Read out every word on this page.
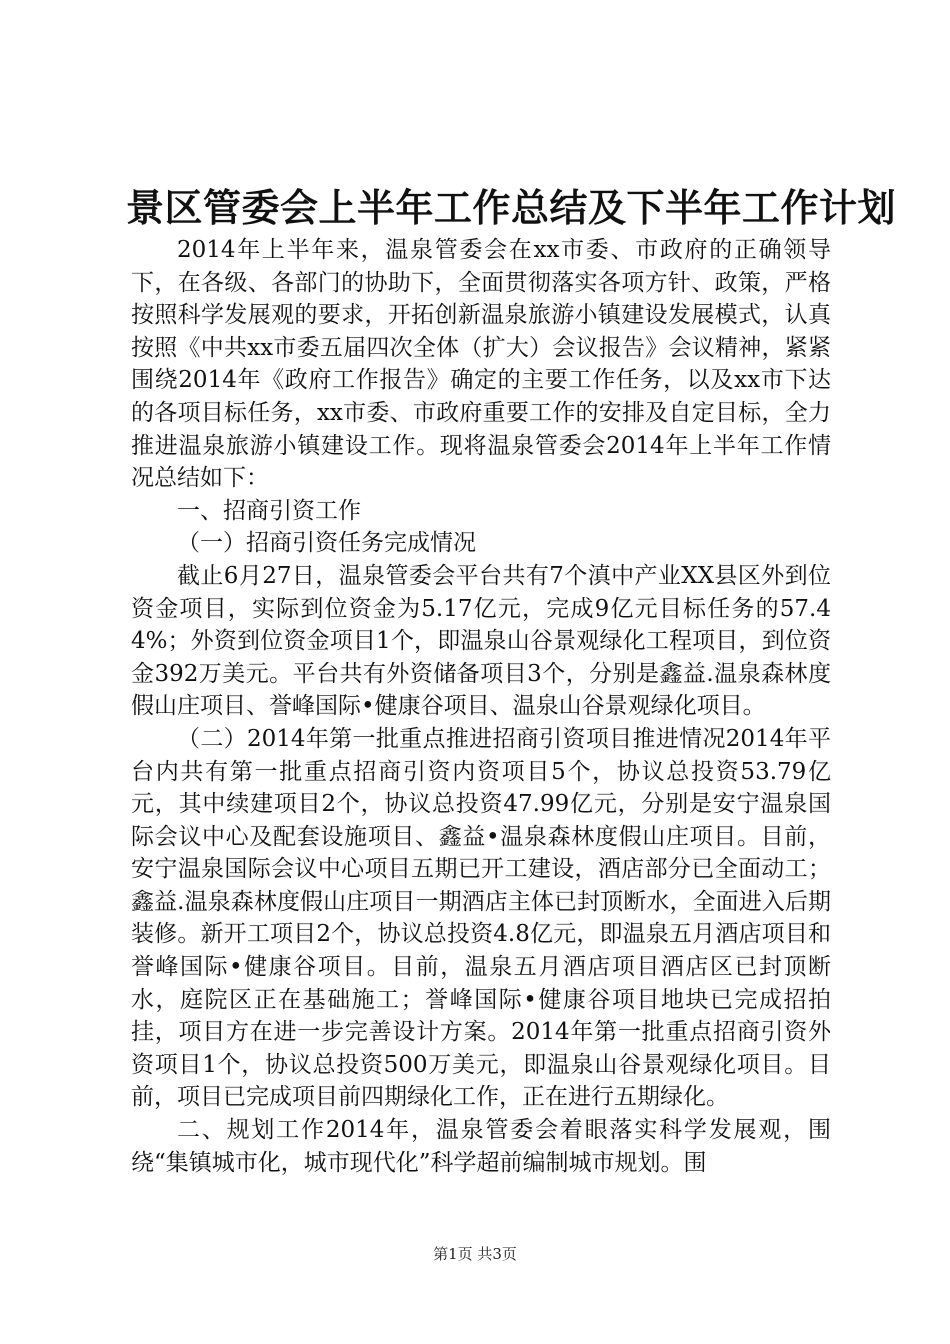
景区管委会上半年工作总结及下半年工作计划

2014年上半年来，温泉管委会在xx市委、市政府的正确领导下，在各级、各部门的协助下，全面贯彻落实各项方针、政策，严格按照科学发展观的要求，开拓创新温泉旅游小镇建设发展模式，认真按照《中共xx市委五届四次全体（扩大）会议报告》会议精神，紧紧围绕2014年《政府工作报告》确定的主要工作任务，以及xx市下达的各项目标任务，xx市委、市政府重要工作的安排及自定目标，全力推进温泉旅游小镇建设工作。现将温泉管委会2014年上半年工作情况总结如下：

一、招商引资工作

（一）招商引资任务完成情况

截止6月27日，温泉管委会平台共有7个滇中产业XX县区外到位资金项目，实际到位资金为5.17亿元，完成9亿元目标任务的57.44%；外资到位资金项目1个，即温泉山谷景观绿化工程项目，到位资金392万美元。平台共有外资储备项目3个，分别是鑫益.温泉森林度假山庄项目、誉峰国际•健康谷项目、温泉山谷景观绿化项目。

（二）2014年第一批重点推进招商引资项目推进情况2014年平台内共有第一批重点招商引资内资项目5个，协议总投资53.79亿元，其中续建项目2个，协议总投资47.99亿元，分别是安宁温泉国际会议中心及配套设施项目、鑫益•温泉森林度假山庄项目。目前，安宁温泉国际会议中心项目五期已开工建设，酒店部分已全面动工；鑫益.温泉森林度假山庄项目一期酒店主体已封顶断水，全面进入后期装修。新开工项目2个，协议总投资4.8亿元，即温泉五月酒店项目和誉峰国际•健康谷项目。目前，温泉五月酒店项目酒店区已封顶断水，庭院区正在基础施工；誉峰国际•健康谷项目地块已完成招拍挂，项目方在进一步完善设计方案。2014年第一批重点招商引资外资项目1个，协议总投资500万美元，即温泉山谷景观绿化项目。目前，项目已完成项目前四期绿化工作，正在进行五期绿化。

二、规划工作2014年，温泉管委会着眼落实科学发展观，围绕“集镇城市化，城市现代化”科学超前编制城市规划。围

第1页 共3页
